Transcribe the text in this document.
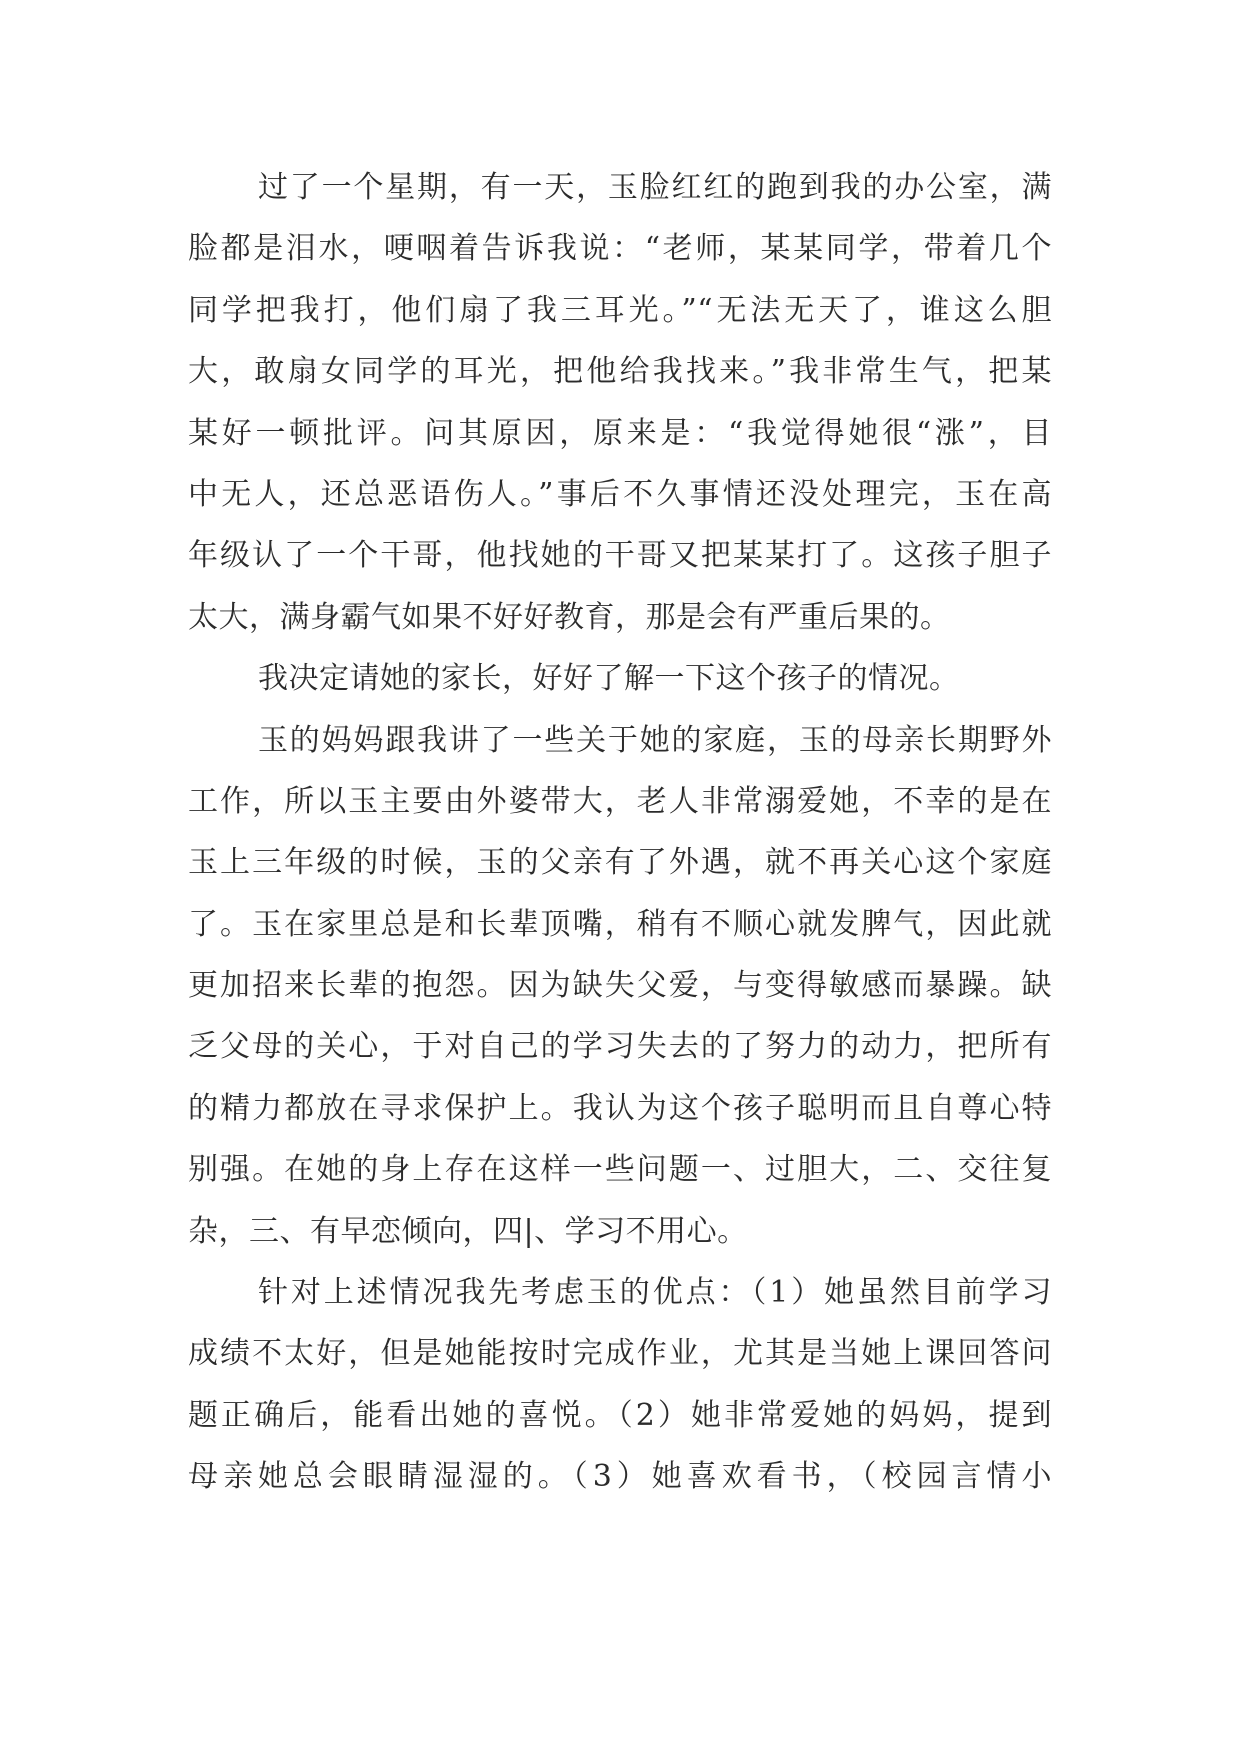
过了一个星期，有一天，玉脸红红的跑到我的办公室，满
脸都是泪水，哽咽着告诉我说：“老师，某某同学，带着几个
同学把我打，他们扇了我三耳光。”“无法无天了，谁这么胆
大，敢扇女同学的耳光，把他给我找来。”我非常生气，把某
某好一顿批评。问其原因，原来是：“我觉得她很“涨”，目
中无人，还总恶语伤人。”事后不久事情还没处理完，玉在高
年级认了一个干哥，他找她的干哥又把某某打了。这孩子胆子
太大，满身霸气如果不好好教育，那是会有严重后果的。
我决定请她的家长，好好了解一下这个孩子的情况。
玉的妈妈跟我讲了一些关于她的家庭，玉的母亲长期野外
工作，所以玉主要由外婆带大，老人非常溺爱她，不幸的是在
玉上三年级的时候，玉的父亲有了外遇，就不再关心这个家庭
了。玉在家里总是和长辈顶嘴，稍有不顺心就发脾气，因此就
更加招来长辈的抱怨。因为缺失父爱，与变得敏感而暴躁。缺
乏父母的关心，于对自己的学习失去的了努力的动力，把所有
的精力都放在寻求保护上。我认为这个孩子聪明而且自尊心特
别强。在她的身上存在这样一些问题一、过胆大，二、交往复
杂，三、有早恋倾向，四|、学习不用心。
针对上述情况我先考虑玉的优点：（1）她虽然目前学习
成绩不太好，但是她能按时完成作业，尤其是当她上课回答问
题正确后，能看出她的喜悦。（2）她非常爱她的妈妈，提到
母亲她总会眼睛湿湿的。（3）她喜欢看书，（校园言情小
